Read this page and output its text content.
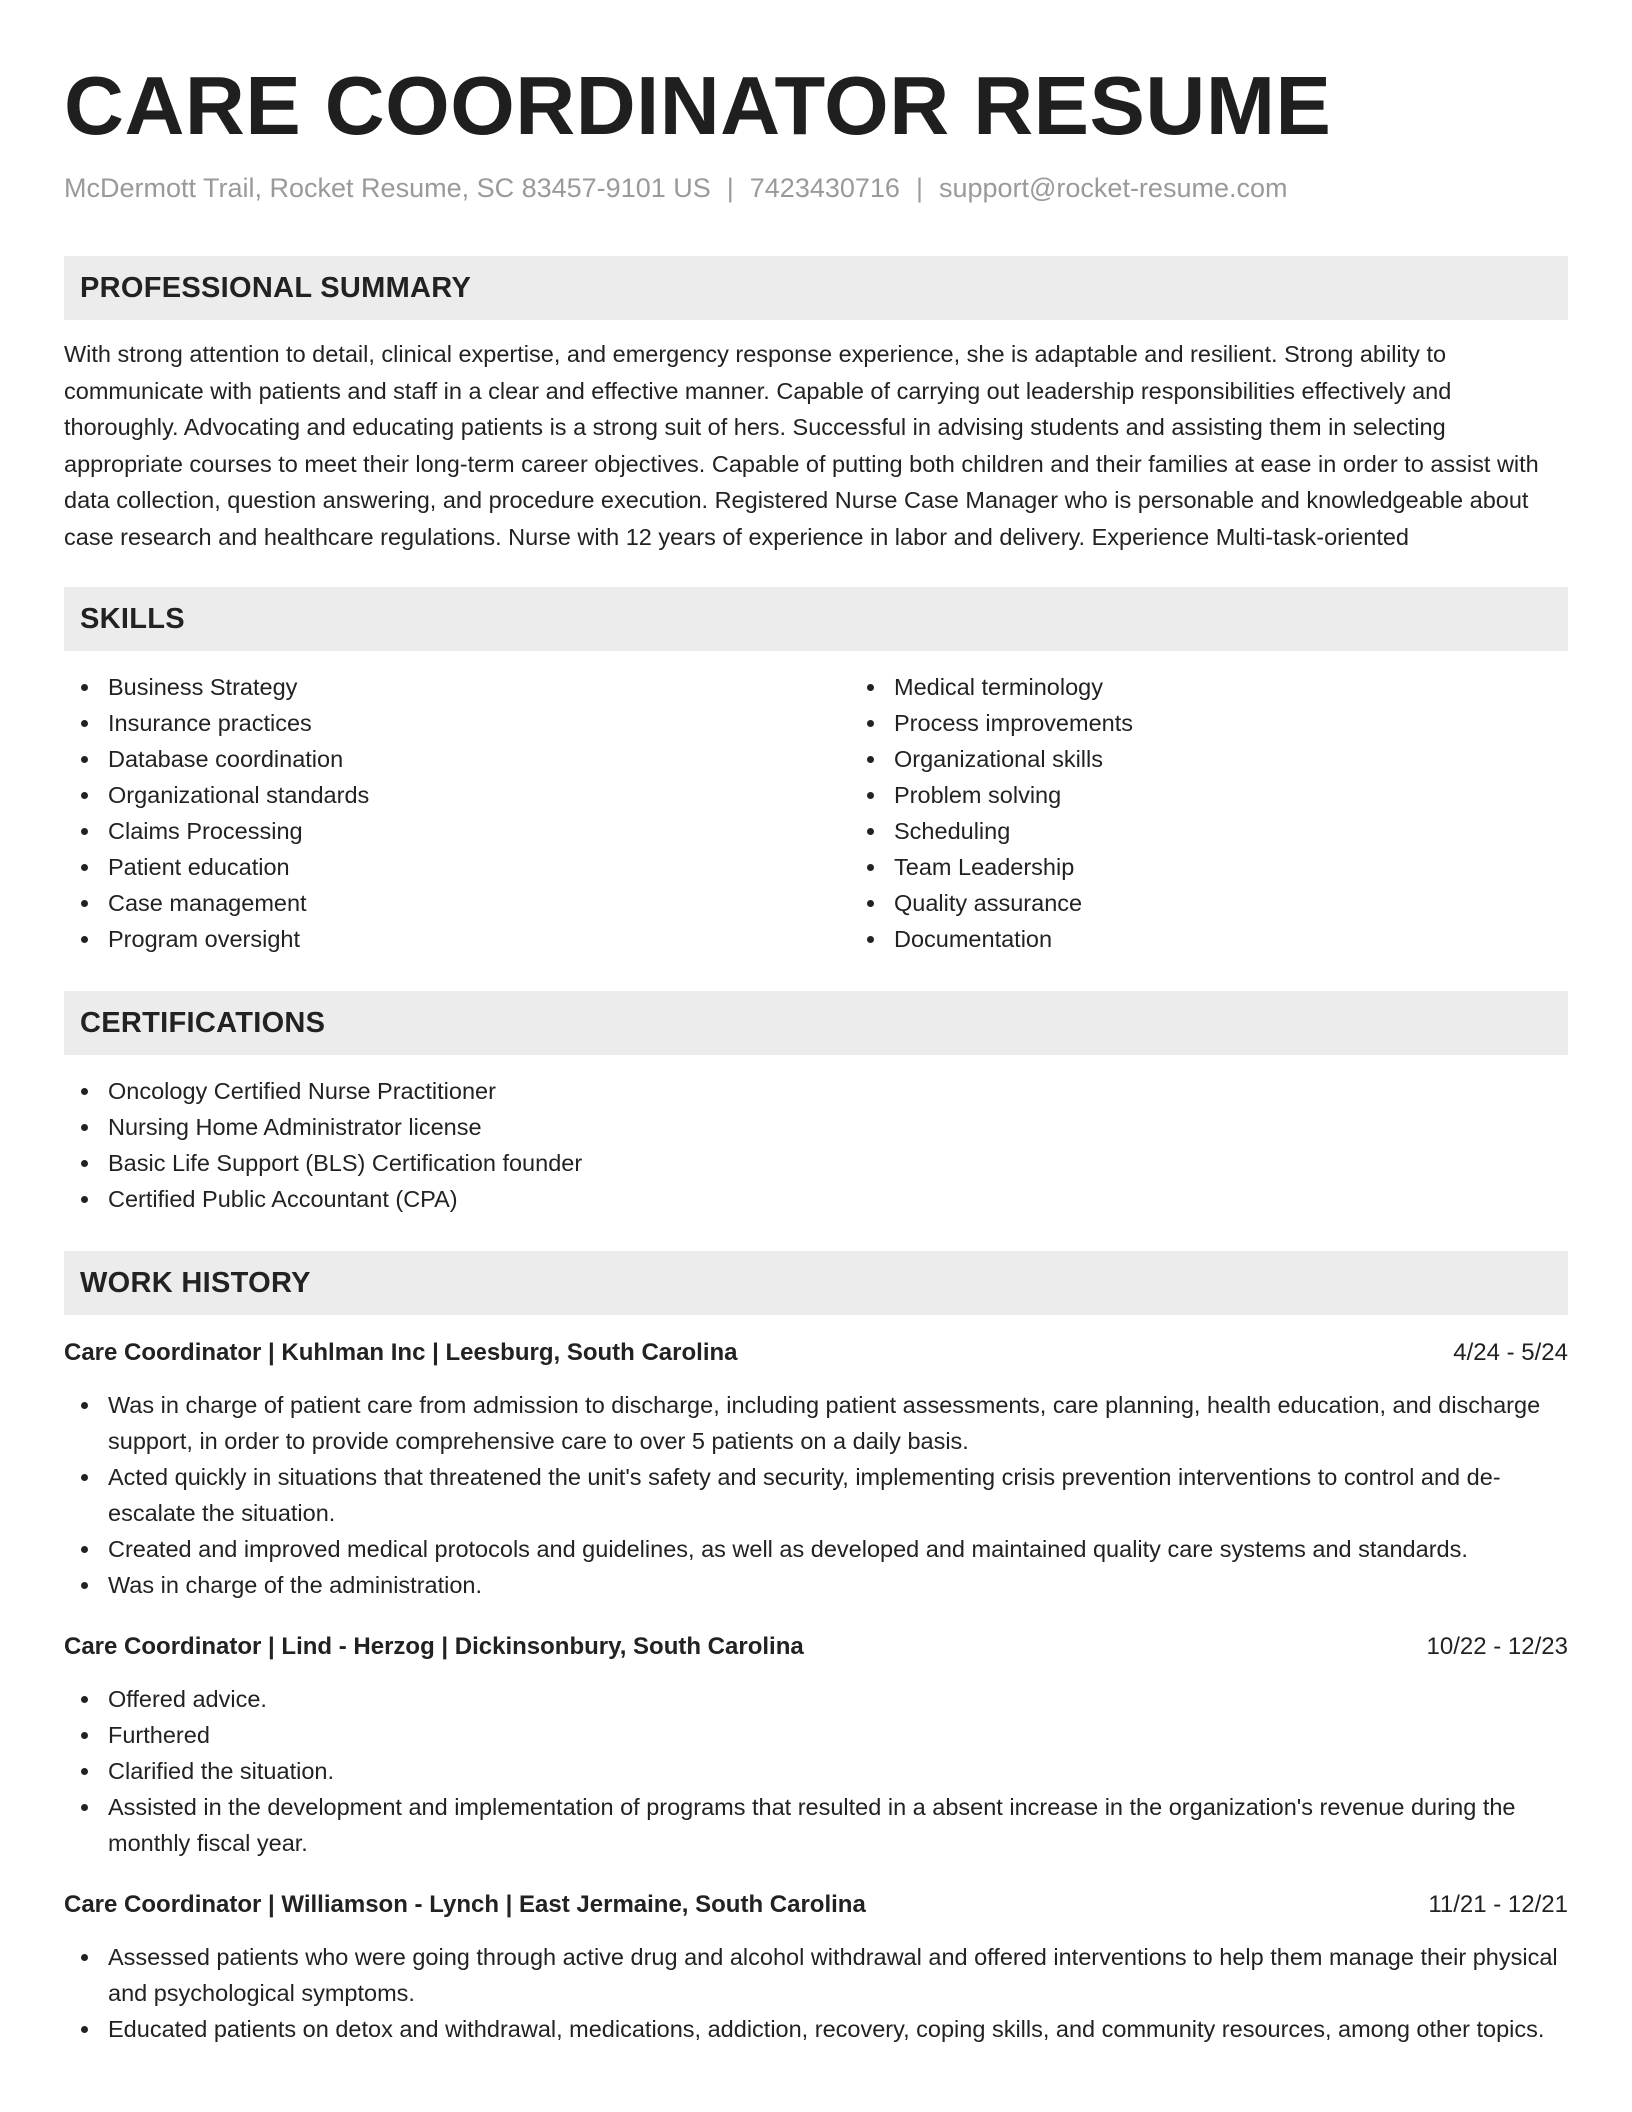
CARE COORDINATOR RESUME
McDermott Trail, Rocket Resume, SC 83457-9101 US | 7423430716 | support@rocket-resume.com
PROFESSIONAL SUMMARY

With strong attention to detail, clinical expertise, and emergency response experience, she is adaptable and resilient. Strong ability to communicate with patients and staff in a clear and effective manner. Capable of carrying out leadership responsibilities effectively and thoroughly. Advocating and educating patients is a strong suit of hers. Successful in advising students and assisting them in selecting appropriate courses to meet their long-term career objectives. Capable of putting both children and their families at ease in order to assist with data collection, question answering, and procedure execution. Registered Nurse Case Manager who is personable and knowledgeable about case research and healthcare regulations. Nurse with 12 years of experience in labor and delivery. Experience Multi-task-oriented

SKILLS
Business Strategy
Insurance practices
Database coordination
Organizational standards
Claims Processing
Patient education
Case management
Program oversight
Medical terminology
Process improvements
Organizational skills
Problem solving
Scheduling
Team Leadership
Quality assurance
Documentation
CERTIFICATIONS
Oncology Certified Nurse Practitioner
Nursing Home Administrator license
Basic Life Support (BLS) Certification founder
Certified Public Accountant (CPA)
WORK HISTORY
Care Coordinator | Kuhlman Inc | Leesburg, South Carolina	4/24 - 5/24
Was in charge of patient care from admission to discharge, including patient assessments, care planning, health education, and discharge support, in order to provide comprehensive care to over 5 patients on a daily basis.
Acted quickly in situations that threatened the unit's safety and security, implementing crisis prevention interventions to control and de-escalate the situation.
Created and improved medical protocols and guidelines, as well as developed and maintained quality care systems and standards.
Was in charge of the administration.
Care Coordinator | Lind - Herzog | Dickinsonbury, South Carolina	10/22 - 12/23
Offered advice.
Furthered
Clarified the situation.
Assisted in the development and implementation of programs that resulted in a absent increase in the organization's revenue during the monthly fiscal year.
Care Coordinator | Williamson - Lynch | East Jermaine, South Carolina	11/21 - 12/21
Assessed patients who were going through active drug and alcohol withdrawal and offered interventions to help them manage their physical and psychological symptoms.
Educated patients on detox and withdrawal, medications, addiction, recovery, coping skills, and community resources, among other topics.
